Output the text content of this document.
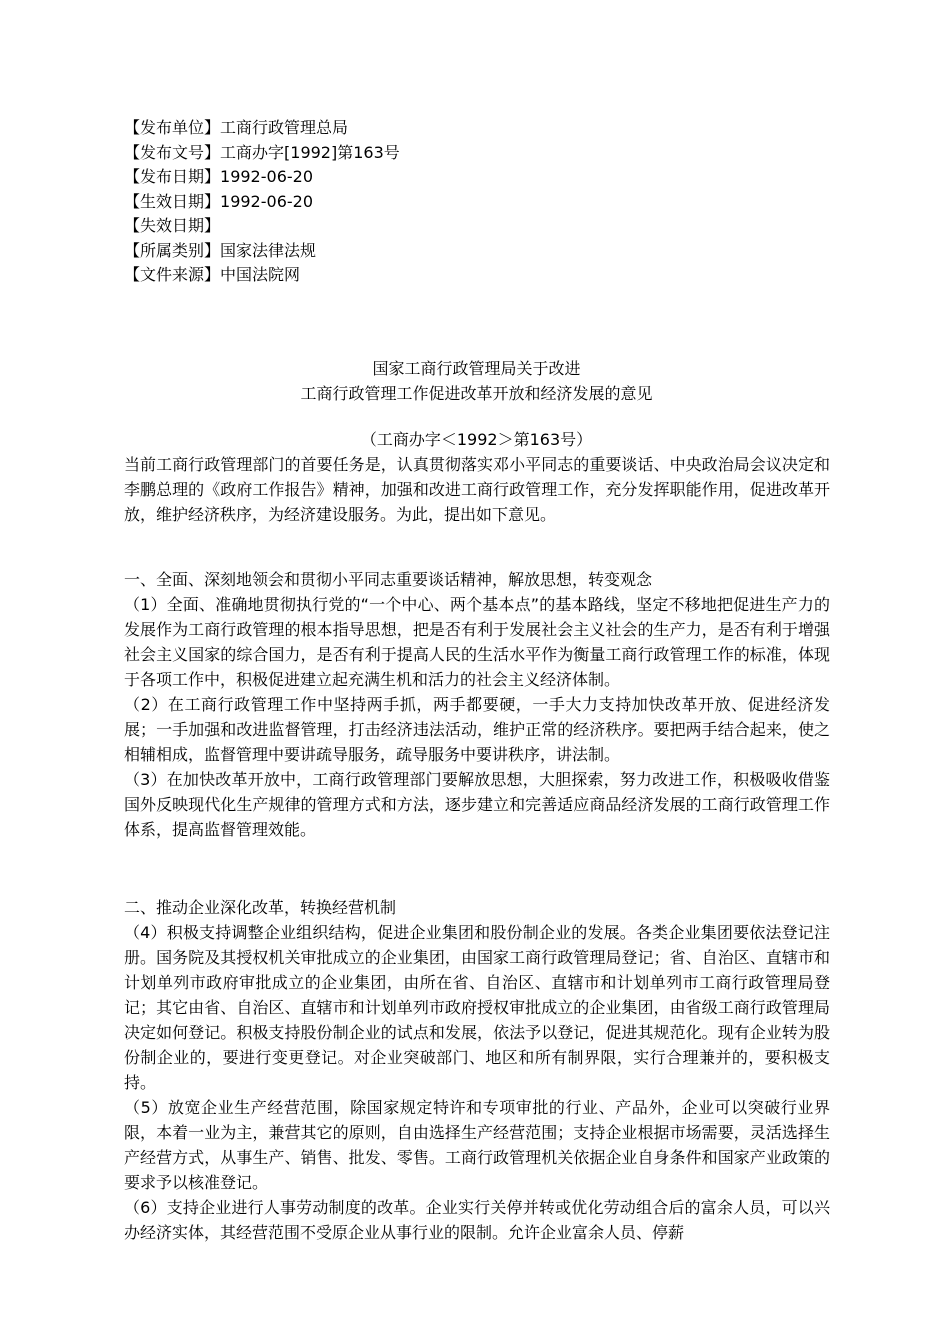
【发布单位】工商行政管理总局
【发布文号】工商办字[1992]第163号
【发布日期】1992-06-20
【生效日期】1992-06-20
【失效日期】
【所属类别】国家法律法规
【文件来源】中国法院网
国家工商行政管理局关于改进
工商行政管理工作促进改革开放和经济发展的意见
（工商办字＜1992＞第163号）

当前工商行政管理部门的首要任务是，认真贯彻落实邓小平同志的重要谈话、中央政治局会议决定和李鹏总理的《政府工作报告》精神，加强和改进工商行政管理工作，充分发挥职能作用，促进改革开放，维护经济秩序，为经济建设服务。为此，提出如下意见。

一、全面、深刻地领会和贯彻小平同志重要谈话精神，解放思想，转变观念

（1）全面、准确地贯彻执行党的“一个中心、两个基本点”的基本路线，坚定不移地把促进生产力的发展作为工商行政管理的根本指导思想，把是否有利于发展社会主义社会的生产力，是否有利于增强社会主义国家的综合国力，是否有利于提高人民的生活水平作为衡量工商行政管理工作的标准，体现于各项工作中，积极促进建立起充满生机和活力的社会主义经济体制。

（2）在工商行政管理工作中坚持两手抓，两手都要硬，一手大力支持加快改革开放、促进经济发展；一手加强和改进监督管理，打击经济违法活动，维护正常的经济秩序。要把两手结合起来，使之相辅相成，监督管理中要讲疏导服务，疏导服务中要讲秩序，讲法制。

（3）在加快改革开放中，工商行政管理部门要解放思想，大胆探索，努力改进工作，积极吸收借鉴国外反映现代化生产规律的管理方式和方法，逐步建立和完善适应商品经济发展的工商行政管理工作体系，提高监督管理效能。

二、推动企业深化改革，转换经营机制

（4）积极支持调整企业组织结构，促进企业集团和股份制企业的发展。各类企业集团要依法登记注册。国务院及其授权机关审批成立的企业集团，由国家工商行政管理局登记；省、自治区、直辖市和计划单列市政府审批成立的企业集团，由所在省、自治区、直辖市和计划单列市工商行政管理局登记；其它由省、自治区、直辖市和计划单列市政府授权审批成立的企业集团，由省级工商行政管理局决定如何登记。积极支持股份制企业的试点和发展，依法予以登记，促进其规范化。现有企业转为股份制企业的，要进行变更登记。对企业突破部门、地区和所有制界限，实行合理兼并的，要积极支持。

（5）放宽企业生产经营范围，除国家规定特许和专项审批的行业、产品外，企业可以突破行业界限，本着一业为主，兼营其它的原则，自由选择生产经营范围；支持企业根据市场需要，灵活选择生产经营方式，从事生产、销售、批发、零售。工商行政管理机关依据企业自身条件和国家产业政策的要求予以核准登记。

（6）支持企业进行人事劳动制度的改革。企业实行关停并转或优化劳动组合后的富余人员，可以兴办经济实体，其经营范围不受原企业从事行业的限制。允许企业富余人员、停薪
